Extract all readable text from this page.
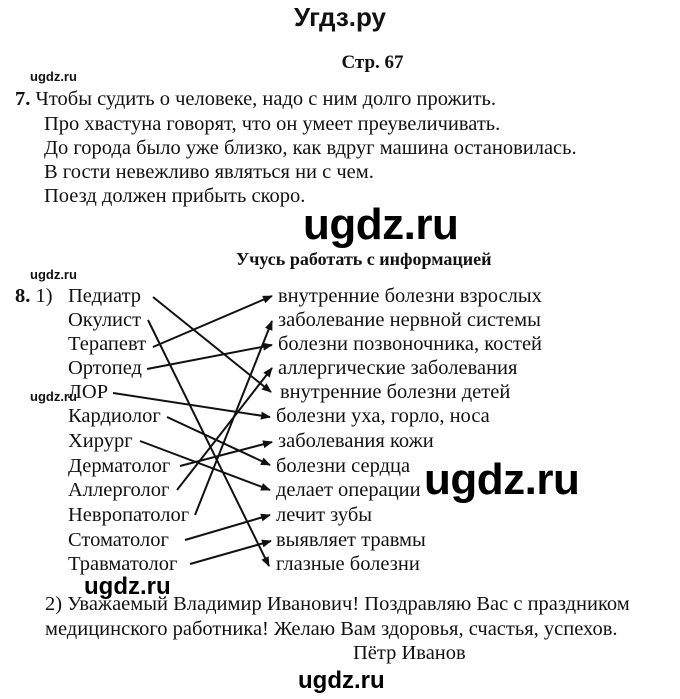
Угдз.ру
Стр. 67
ugdz.ru
7. Чтобы судить о человеке, надо с ним долго прожить.
Про хвастуна говорят, что он умеет преувеличивать.
До города было уже близко, как вдруг машина остановилась.
В гости невежливо являться ни с чем.
Поезд должен прибыть скоро.
ugdz.ru
Учусь работать с информацией
ugdz.ru
8. 1) Педиатр
Окулист
Терапевт
Ортопед
ЛОР
Кардиолог
Хирург
Дерматолог
Аллерголог
Невропатолог
Стоматолог
Травматолог
ugdz.ru
внутренние болезни взрослых
заболевание нервной системы
болезни позвоночника, костей
аллергические заболевания
внутренние болезни детей
болезни уха, горло, носа
заболевания кожи
болезни сердца
делает операции
лечит зубы
выявляет травмы
глазные болезни
ugdz.ru
ugdz.ru
2) Уважаемый Владимир Иванович! Поздравляю Вас с праздником
медицинского работника! Желаю Вам здоровья, счастья, успехов.
Пётр Иванов
ugdz.ru
